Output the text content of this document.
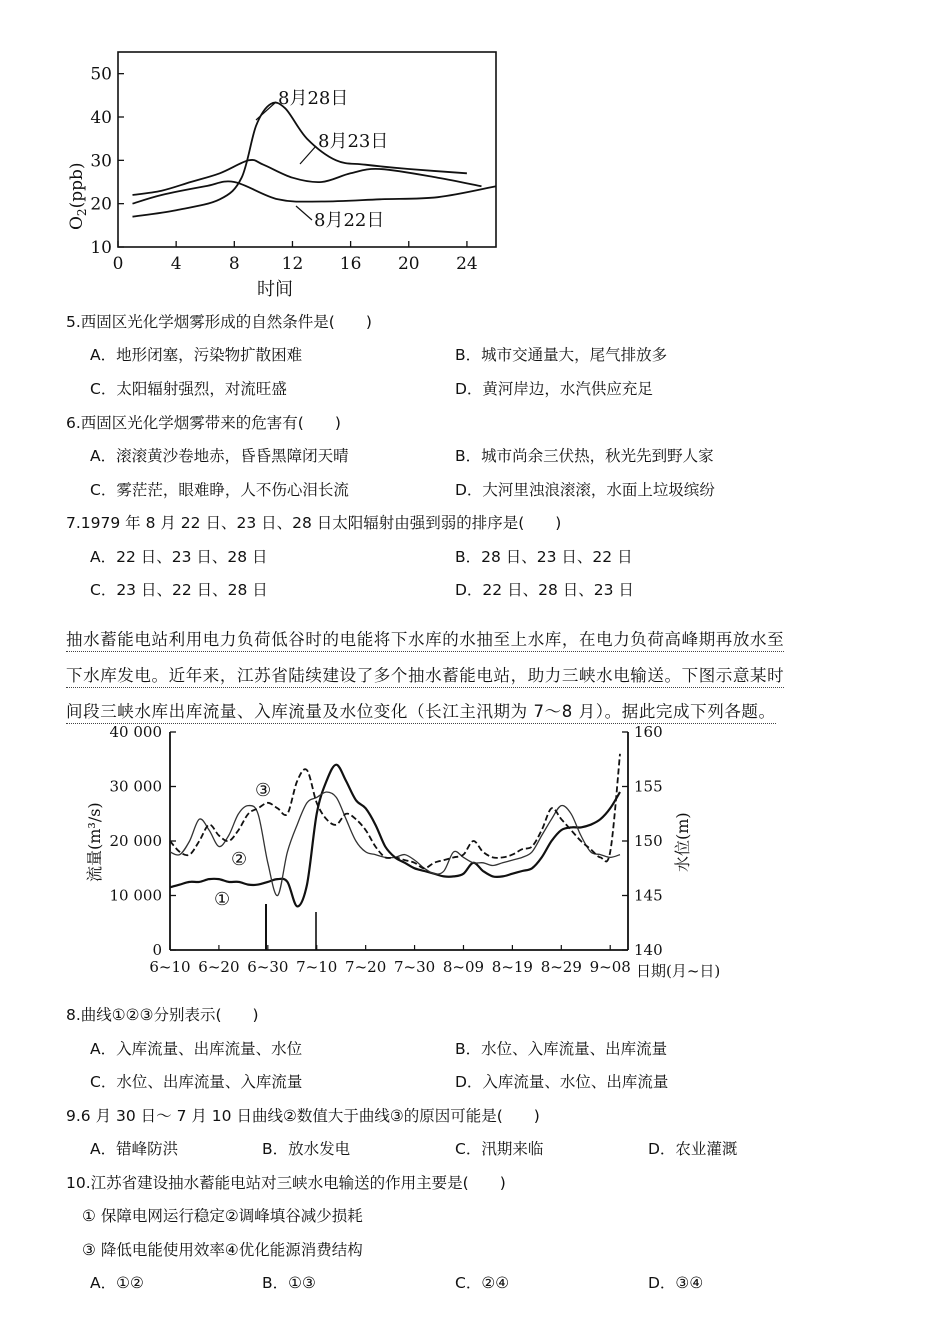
10
20
30
40
50
0	4	8 12 16 20 24
$O_2(ppb)$
时间
8月28日
8月23日
8月22日
5.西固区光化学烟雾形成的自然条件是(　　)
A．地形闭塞，污染物扩散困难	B．城市交通量大，尾气排放多
C．太阳辐射强烈，对流旺盛	D．黄河岸边，水汽供应充足
6.西固区光化学烟雾带来的危害有(　　)
A．滚滚黄沙卷地赤，昏昏黑障闭天晴	B．城市尚余三伏热，秋光先到野人家
C．雾茫茫，眼难睁，人不伤心泪长流	D．大河里浊浪滚滚，水面上垃圾缤纷
7.1979 年 8 月 22 日、23 日、28 日太阳辐射由强到弱的排序是(　　)
A．22 日、23 日、28 日	B．28 日、23 日、22 日
C．23 日、22 日、28 日	D．22 日、28 日、23 日
抽水蓄能电站利用电力负荷低谷时的电能将下水库的水抽至上水库，在电力负荷高峰期再放水至
下水库发电。近年来，江苏省陆续建设了多个抽水蓄能电站，助力三峡水电输送。下图示意某时
间段三峡水库出库流量、入库流量及水位变化（长江主汛期为 7～8 月）。据此完成下列各题。
0
10 000
20 000
30 000
40 000
140
145
150
155
160
6~10 6~20 6~30 7~10 7~20 7~30 8~09 8~19 8~29 9~08
流量(m³/s)	水位(m)
日期(月~日)
①
②
③
8.曲线①②③分别表示(　　)
A．入库流量、出库流量、水位	B．水位、入库流量、出库流量
C．水位、出库流量、入库流量	D．入库流量、水位、出库流量
9.6 月 30 日～ 7 月 10 日曲线②数值大于曲线③的原因可能是(　　)
A．错峰防洪	B．放水发电	C．汛期来临	D．农业灌溉
10.江苏省建设抽水蓄能电站对三峡水电输送的作用主要是(　　)
① 保障电网运行稳定②调峰填谷减少损耗
③ 降低电能使用效率④优化能源消费结构
A．①②	B．①③	C．②④	D．③④
